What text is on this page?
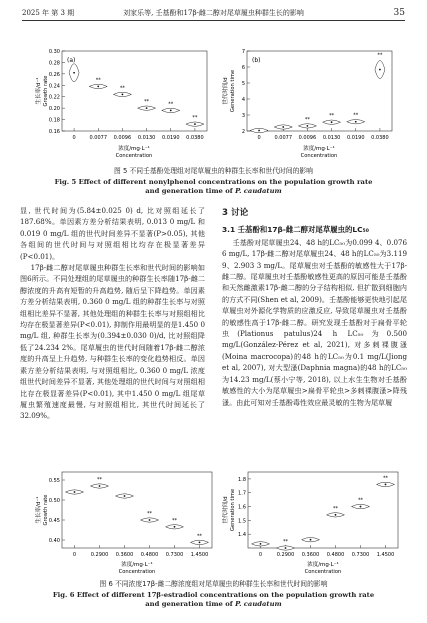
2025 年 第 3 期	刘家乐等, 壬基酚和17β-雌二醇对尾草履虫种群生长的影响	35
(a)
0.16
0.18
0.20
0.22
0.24
0.26
0.28
0.30
0	0.0077 0.0096 0.0130 0.0190 0.0380
**
**
**	**
**
生长率/d⁻¹ Growth rate
浓度/mg·L⁻¹
Concentration
(b)
2
3
4
5
6
7
0	0.0077 0.0096 0.0130 0.0190 0.0380
**
**	**
**
世代时间/d Generation time
浓度/mg·L⁻¹
Concentration
图 5 不同壬基酚处理组对尾草履虫的种群生长率和世代时间的影响
Fig. 5 Effect of different nonylphenol concentrations on the population growth rate
and generation time of P. caudatum

显, 世代时间为(5.84±0.025 0) d, 比对照组延长了187.68%。单因素方差分析结果表明, 0.013 0 mg/L 和 0.019 0 mg/L 组的世代时间差异不显著(P>0.05), 其他各组间的世代时间与对照组相比均存在极显著差异(P<0.01)。

17β-雌二醇对尾草履虫种群生长率和世代时间的影响如图6所示。不同处理组的尾草履虫的种群生长率随17β-雌二醇浓度的升高有短暂的升高趋势, 随后呈下降趋势。单因素方差分析结果表明, 0.360 0 mg/L 组的种群生长率与对照组相比差异不显著, 其他处理组的种群生长率与对照组相比均存在极显著差异(P<0.01), 抑制作用最明显的是1.450 0 mg/L 组, 种群生长率为(0.394±0.030 0)/d, 比对照组降低了24.234 2%。尾草履虫的世代时间随着17β-雌二醇浓度的升高呈上升趋势, 与种群生长率的变化趋势相反。单因素方差分析结果表明, 与对照组相比, 0.360 0 mg/L 浓度组世代时间差异不显著, 其他处理组的世代时间与对照组相比存在极显著差异(P<0.01), 其中1.450 0 mg/L 组尾草履虫繁殖速度最慢, 与对照组相比, 其世代时间延长了32.09%。

3 讨论
3.1 壬基酚和17β-雌二醇对尾草履虫的LC₅₀

壬基酚对尾草履虫24、48 h的LC₅₀为0.099 4、0.076 6 mg/L, 17β-雌二醇对尾草履虫24、48 h的LC₅₀为3.119 9、2.903 3 mg/L。尾草履虫对壬基酚的敏感性大于17β-雌二醇。尾草履虫对壬基酚敏感性更高的原因可能是壬基酚和天然雌激素17β-雌二醇的分子结构相似, 但扩散到细胞内的方式不同(Shen et al, 2009)。壬基酚能够更快地引起尾草履虫对外源化学物质的应激反应, 导致尾草履虫对壬基酚的敏感性高于17β-雌二醇。研究发现壬基酚对于扁骨平轮虫(Plationus patulus)24 h LC₅₀为0.500 mg/L(González-Pérez et al, 2021), 对多刺裸腹溞(Moina macrocopa)的48 h的LC₅₀为0.1 mg/L(Jiong et al, 2007), 对大型溞(Daphnia magna)的48 h的LC₅₀为14.23 mg/L(蔡小宁等, 2018), 以上水生生物对壬基酚敏感性的大小为尾草履虫>扁骨平轮虫>多刺裸腹溞>降残溞。由此可知对壬基酚毒性效应最灵敏的生物为尾草履

0.40
0.45
0.50
0.55
0	0.2900 0.3600 0.4800 0.7300 1.4500
**
**
**
**
生长率/d⁻¹ Growth rate
浓度/mg·L⁻¹
Concentration
1.4
1.5
1.6
1.7
1.8
0	0.2900 0.3600 0.4800 0.7300 1.4500
**
**
**
**
世代时间/d Generation time
浓度/mg·L⁻¹
Concentration
图 6 不同浓度17β-雌二醇浓度组对尾草履虫的种群生长率和世代时间的影响
Fig. 6 Effect of different 17β-estradiol concentrations on the population growth rate
and generation time of P. caudatum
